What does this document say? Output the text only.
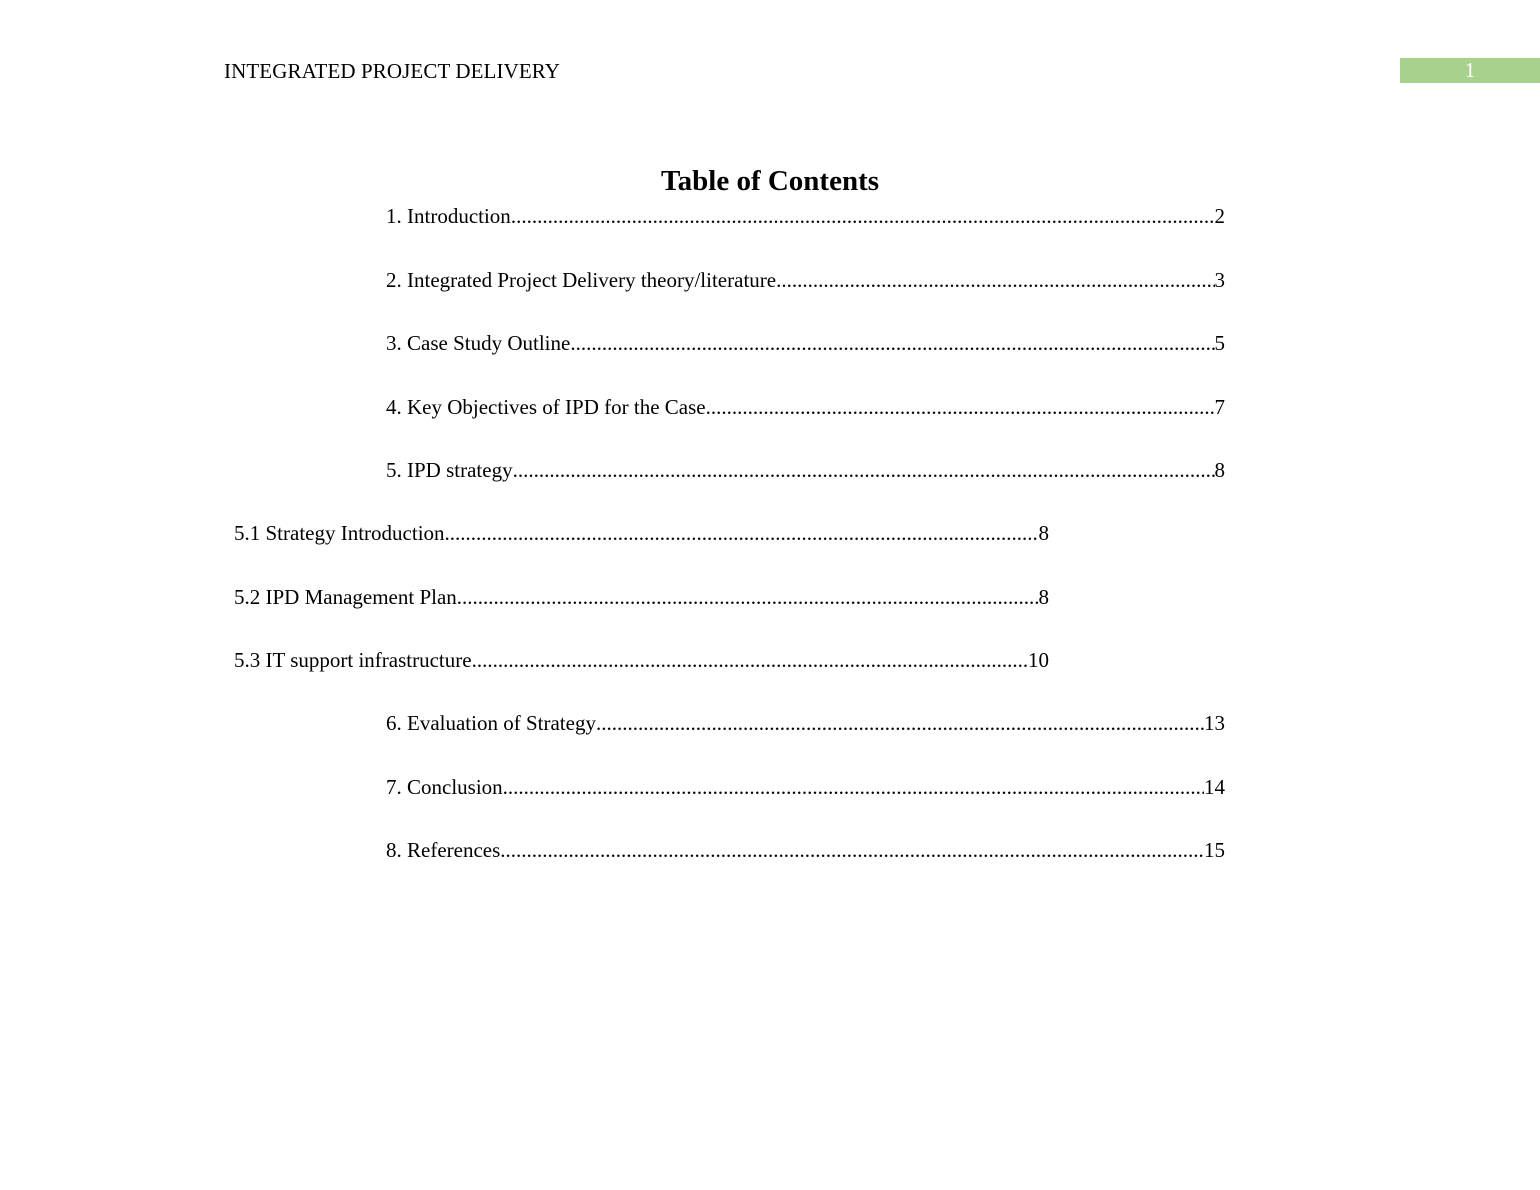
INTEGRATED PROJECT DELIVERY	1
Table of Contents
1. Introduction .....	2
2. Integrated Project Delivery theory/literature .....	3
3. Case Study Outline .....	5
4. Key Objectives of IPD for the Case .....	7
5. IPD strategy .....	8
5.1 Strategy Introduction .....	8
5.2 IPD Management Plan .....	8
5.3 IT support infrastructure .....	10
6. Evaluation of Strategy .....	13
7. Conclusion .....	14
8. References .....	15
